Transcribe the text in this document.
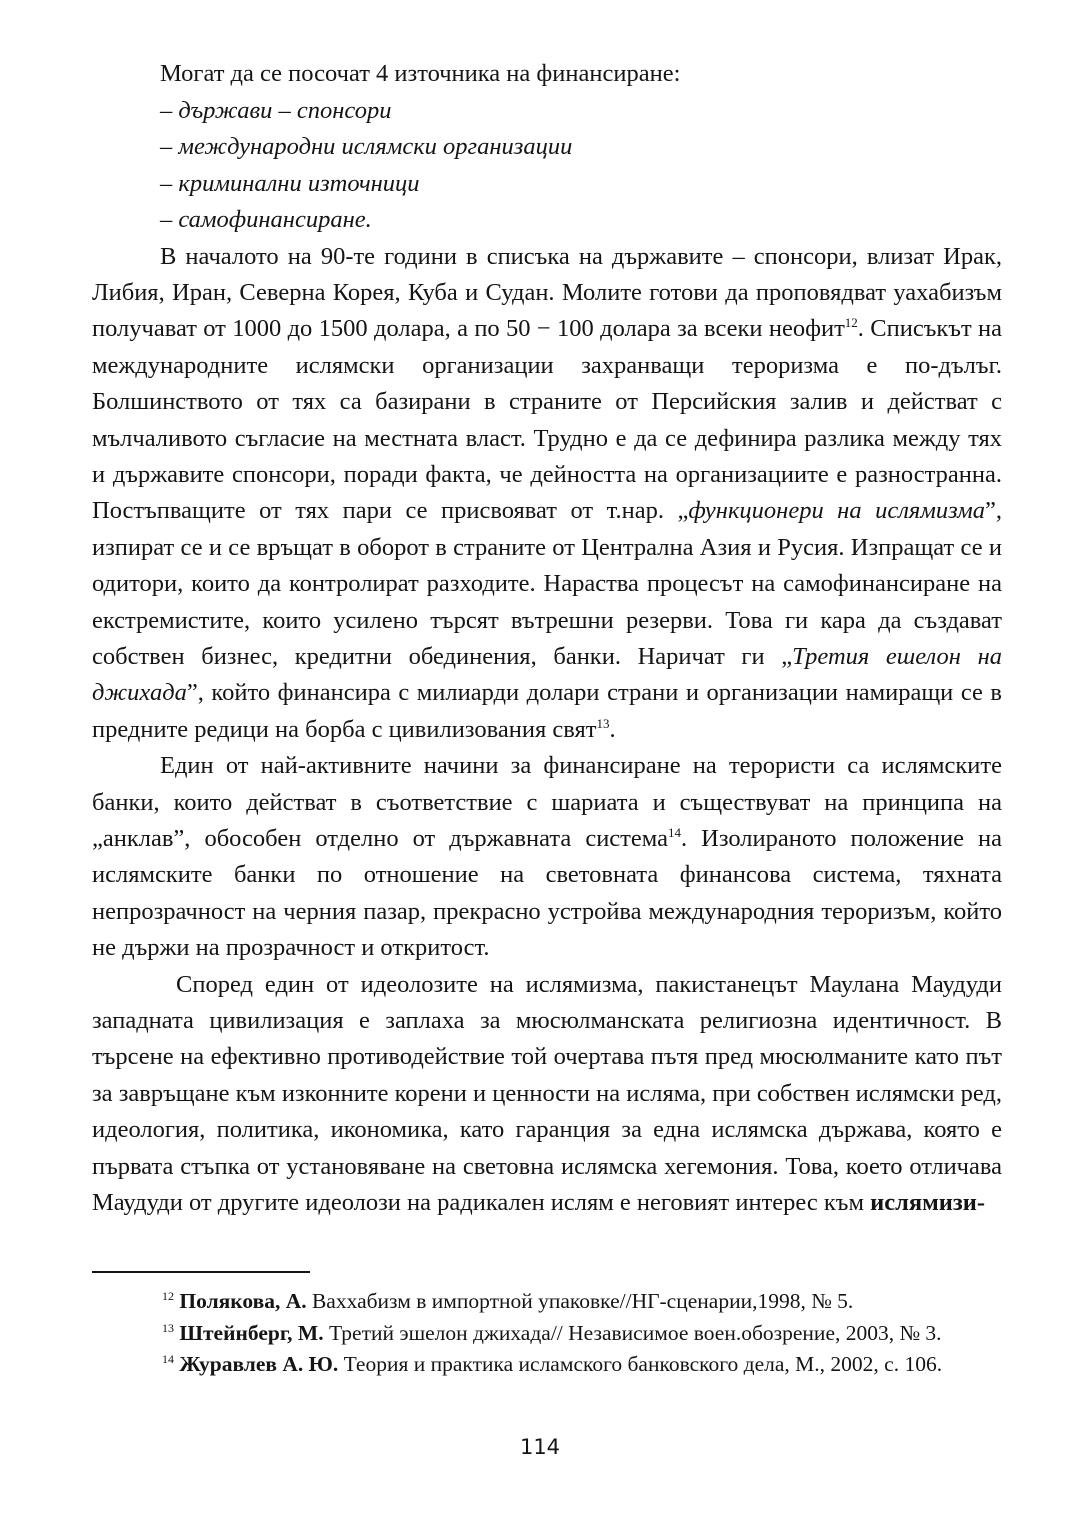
Могат да се посочат 4 източника на финансиране:
– държави – спонсори
– международни ислямски организации
– криминални източници
– самофинансиране.

В началото на 90-те години в списъка на държавите – спонсори, влизат Ирак, Либия, Иран, Северна Корея, Куба и Судан. Молите готови да проповядват уахабизъм получават от 1000 до 1500 долара, а по 50 − 100 долара за всеки неофит$^{12}$. Списъкът на международните ислямски организации захранващи тероризма е по-дълъг. Болшинството от тях са базирани в страните от Персийския залив и действат с мълчаливото съгласие на местната власт. Трудно е да се дефинира разлика между тях и държавите спонсори, поради факта, че дейността на организациите е разностранна. Постъпващите от тях пари се присвояват от т.нар. „функционери на ислямизма”, изпират се и се връщат в оборот в страните от Централна Азия и Русия. Изпращат се и одитори, които да контролират разходите. Нараства процесът на самофинансиране на екстремистите, които усилено търсят вътрешни резерви. Това ги кара да създават собствен бизнес, кредитни обединения, банки. Наричат ги „Третия ешелон на джихада”, който финансира с милиарди долари страни и организации намиращи се в предните редици на борба с цивилизования свят$^{13}$.

Един от най-активните начини за финансиране на терористи са ислямските банки, които действат в съответствие с шариата и съществуват на принципа на „анклав”, обособен отделно от държавната система$^{14}$. Изолираното положение на ислямските банки по отношение на световната финансова система, тяхната непрозрачност на черния пазар, прекрасно устройва международния тероризъм, който не държи на прозрачност и откритост.

Според един от идеолозите на ислямизма, пакистанецът Маулана Маудуди западната цивилизация е заплаха за мюсюлманската религиозна идентичност. В търсене на ефективно противодействие той очертава пътя пред мюсюлманите като път за завръщане към изконните корени и ценности на исляма, при собствен ислямски ред, идеология, политика, икономика, като гаранция за една ислямска държава, която е първата стъпка от установяване на световна ислямска хегемония. Това, което отличава Маудуди от другите идеолози на радикален ислям е неговият интерес към ислямизи-

$^{12}$ Полякова, А. Ваххабизм в импортной упаковке//НГ-сценарии,1998, № 5.

$^{13}$ Штейнберг, М. Третий эшелон джихада// Независимое воен.обозрение, 2003, № 3.

$^{14}$ Журавлев А. Ю. Теория и практика исламского банковского дела, М., 2002, с. 106.

114
